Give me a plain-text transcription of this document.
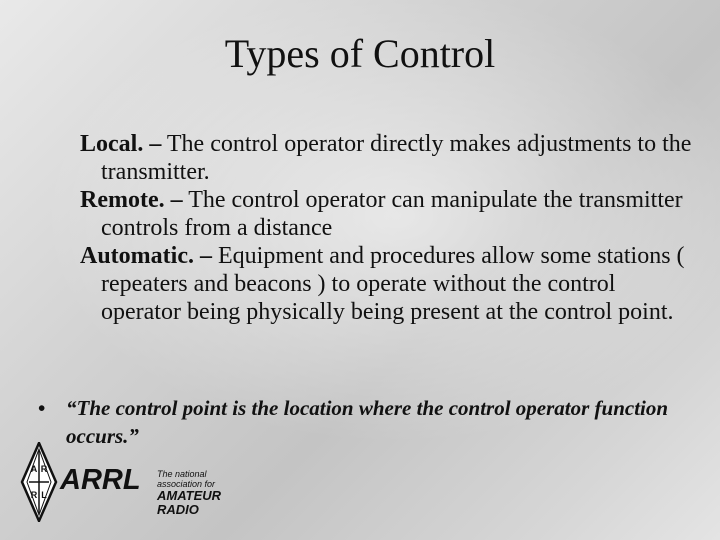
Types of Control

Local. – The control operator directly makes adjustments to the transmitter.

Remote. – The control operator can manipulate the transmitter controls from a distance

Automatic. – Equipment and procedures allow some stations ( repeaters and beacons ) to operate without the control operator being physically being present at the control point.

• “The control point is the location where the control operator function occurs.”

A R
R L ARRL The national association for
AMATEUR RADIO
